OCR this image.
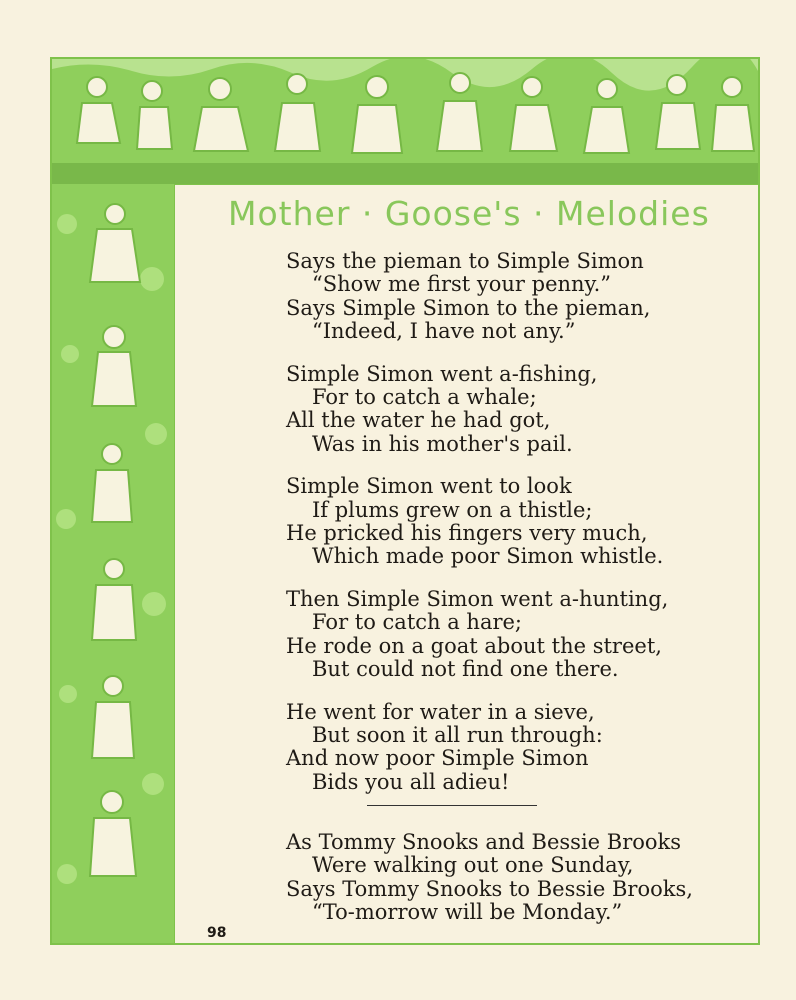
Mother · Goose's · Melodies
Says the pieman to Simple Simon
“Show me first your penny.”
Says Simple Simon to the pieman,
“Indeed, I have not any.”
Simple Simon went a-fishing,
For to catch a whale;
All the water he had got,
Was in his mother's pail.
Simple Simon went to look
If plums grew on a thistle;
He pricked his fingers very much,
Which made poor Simon whistle.
Then Simple Simon went a-hunting,
For to catch a hare;
He rode on a goat about the street,
But could not find one there.
He went for water in a sieve,
But soon it all run through:
And now poor Simple Simon
Bids you all adieu!
As Tommy Snooks and Bessie Brooks
Were walking out one Sunday,
Says Tommy Snooks to Bessie Brooks,
“To-morrow will be Monday.”
98
